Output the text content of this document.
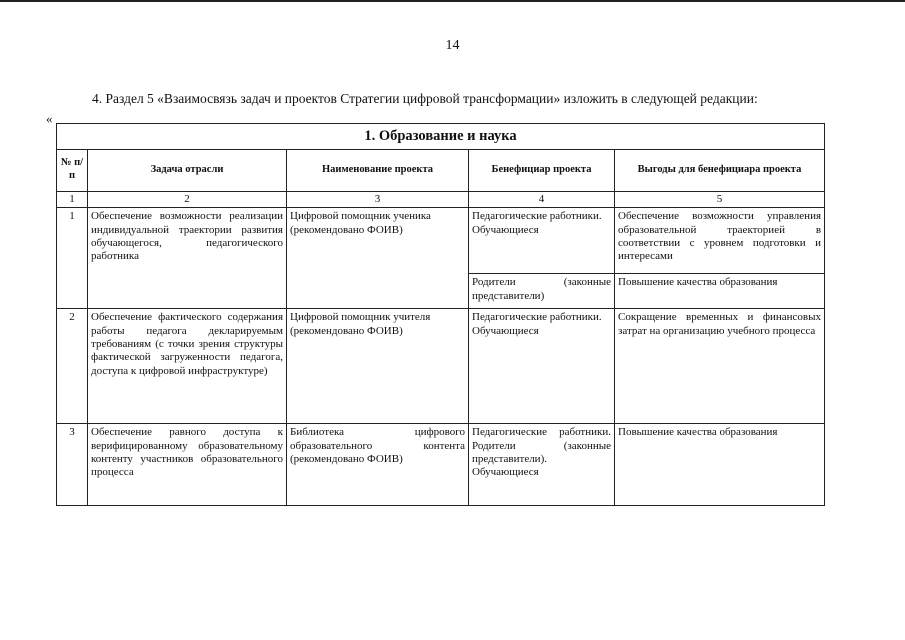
14
4. Раздел 5 «Взаимосвязь задач и проектов Стратегии цифровой трансформации» изложить в следующей редакции:
«
1. Образование и наука				
№ п/п	Задача отрасли	Наименование проекта	Бенефициар проекта	Выгоды для бенефициара проекта
1	2	3	4	5
1	Обеспечение возможности реализации индивидуальной траектории развития обучающегося, педагогического работника	Цифровой помощник ученика (рекомендовано ФОИВ)	Педагогические работники. Обучающиеся	Обеспечение возможности управления образовательной траекторией в соответствии с уровнем подготовки и интересами
			Родители (законные представители)	Повышение качества образования
2	Обеспечение фактического содержания работы педагога декларируемым требованиям (с точки зрения структуры фактической загруженности педагога, доступа к цифровой инфраструктуре)	Цифровой помощник учителя (рекомендовано ФОИВ)	Педагогические работники. Обучающиеся	Сокращение временных и финансовых затрат на организацию учебного процесса
3	Обеспечение равного доступа к верифицированному образовательному контенту участников образовательного процесса	Библиотека цифрового образовательного контента (рекомендовано ФОИВ)	Педагогические работники. Родители (законные представители). Обучающиеся	Повышение качества образования
